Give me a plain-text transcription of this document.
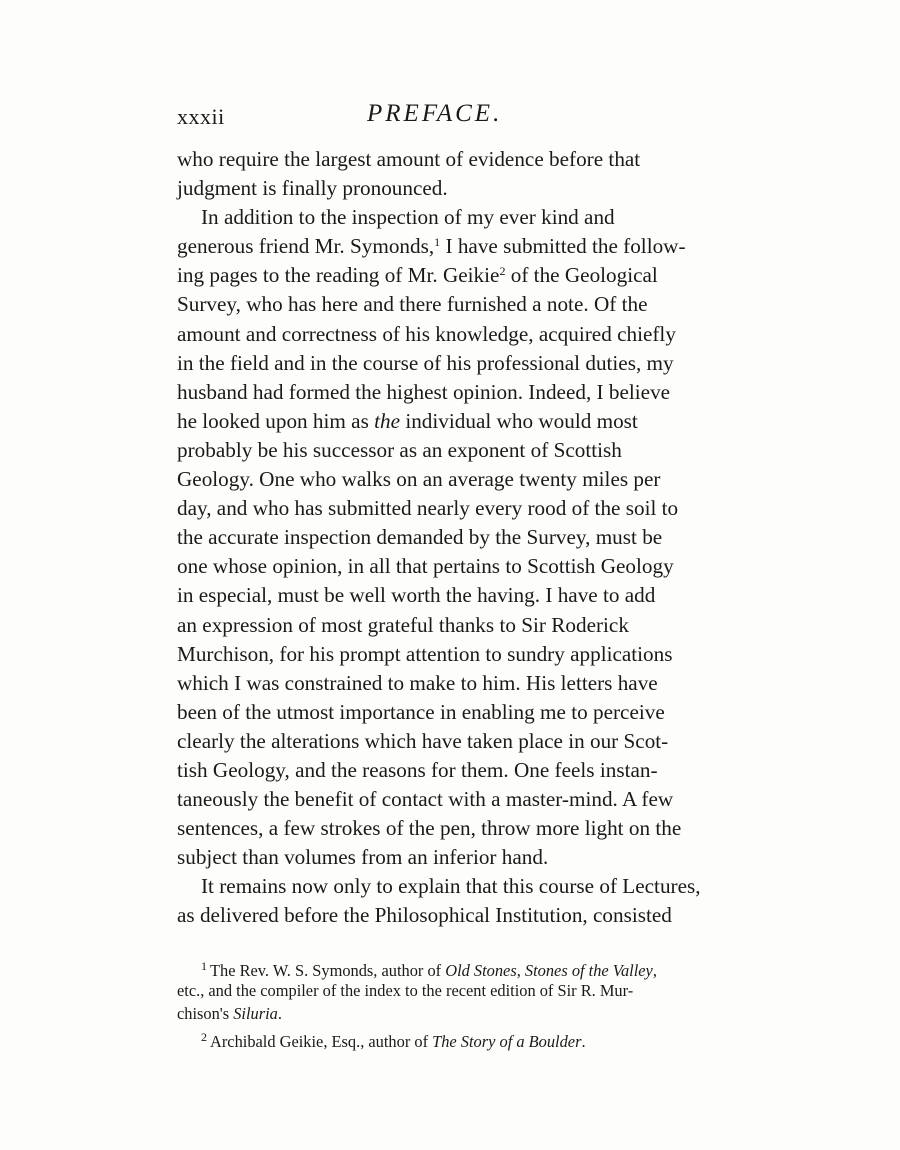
xxxii	PREFACE.
who require the largest amount of evidence before that
judgment is finally pronounced.
In addition to the inspection of my ever kind and
generous friend Mr. Symonds,$^1$ I have submitted the follow-
ing pages to the reading of Mr. Geikie$^2$ of the Geological
Survey, who has here and there furnished a note. Of the
amount and correctness of his knowledge, acquired chiefly
in the field and in the course of his professional duties, my
husband had formed the highest opinion. Indeed, I believe
he looked upon him as the individual who would most
probably be his successor as an exponent of Scottish
Geology. One who walks on an average twenty miles per
day, and who has submitted nearly every rood of the soil to
the accurate inspection demanded by the Survey, must be
one whose opinion, in all that pertains to Scottish Geology
in especial, must be well worth the having. I have to add
an expression of most grateful thanks to Sir Roderick
Murchison, for his prompt attention to sundry applications
which I was constrained to make to him. His letters have
been of the utmost importance in enabling me to perceive
clearly the alterations which have taken place in our Scot-
tish Geology, and the reasons for them. One feels instan-
taneously the benefit of contact with a master-mind. A few
sentences, a few strokes of the pen, throw more light on the
subject than volumes from an inferior hand.
It remains now only to explain that this course of Lectures,
as delivered before the Philosophical Institution, consisted
$^1$ The Rev. W. S. Symonds, author of Old Stones, Stones of the Valley,
etc., and the compiler of the index to the recent edition of Sir R. Mur-
chison's Siluria.
$^2$ Archibald Geikie, Esq., author of The Story of a Boulder.
